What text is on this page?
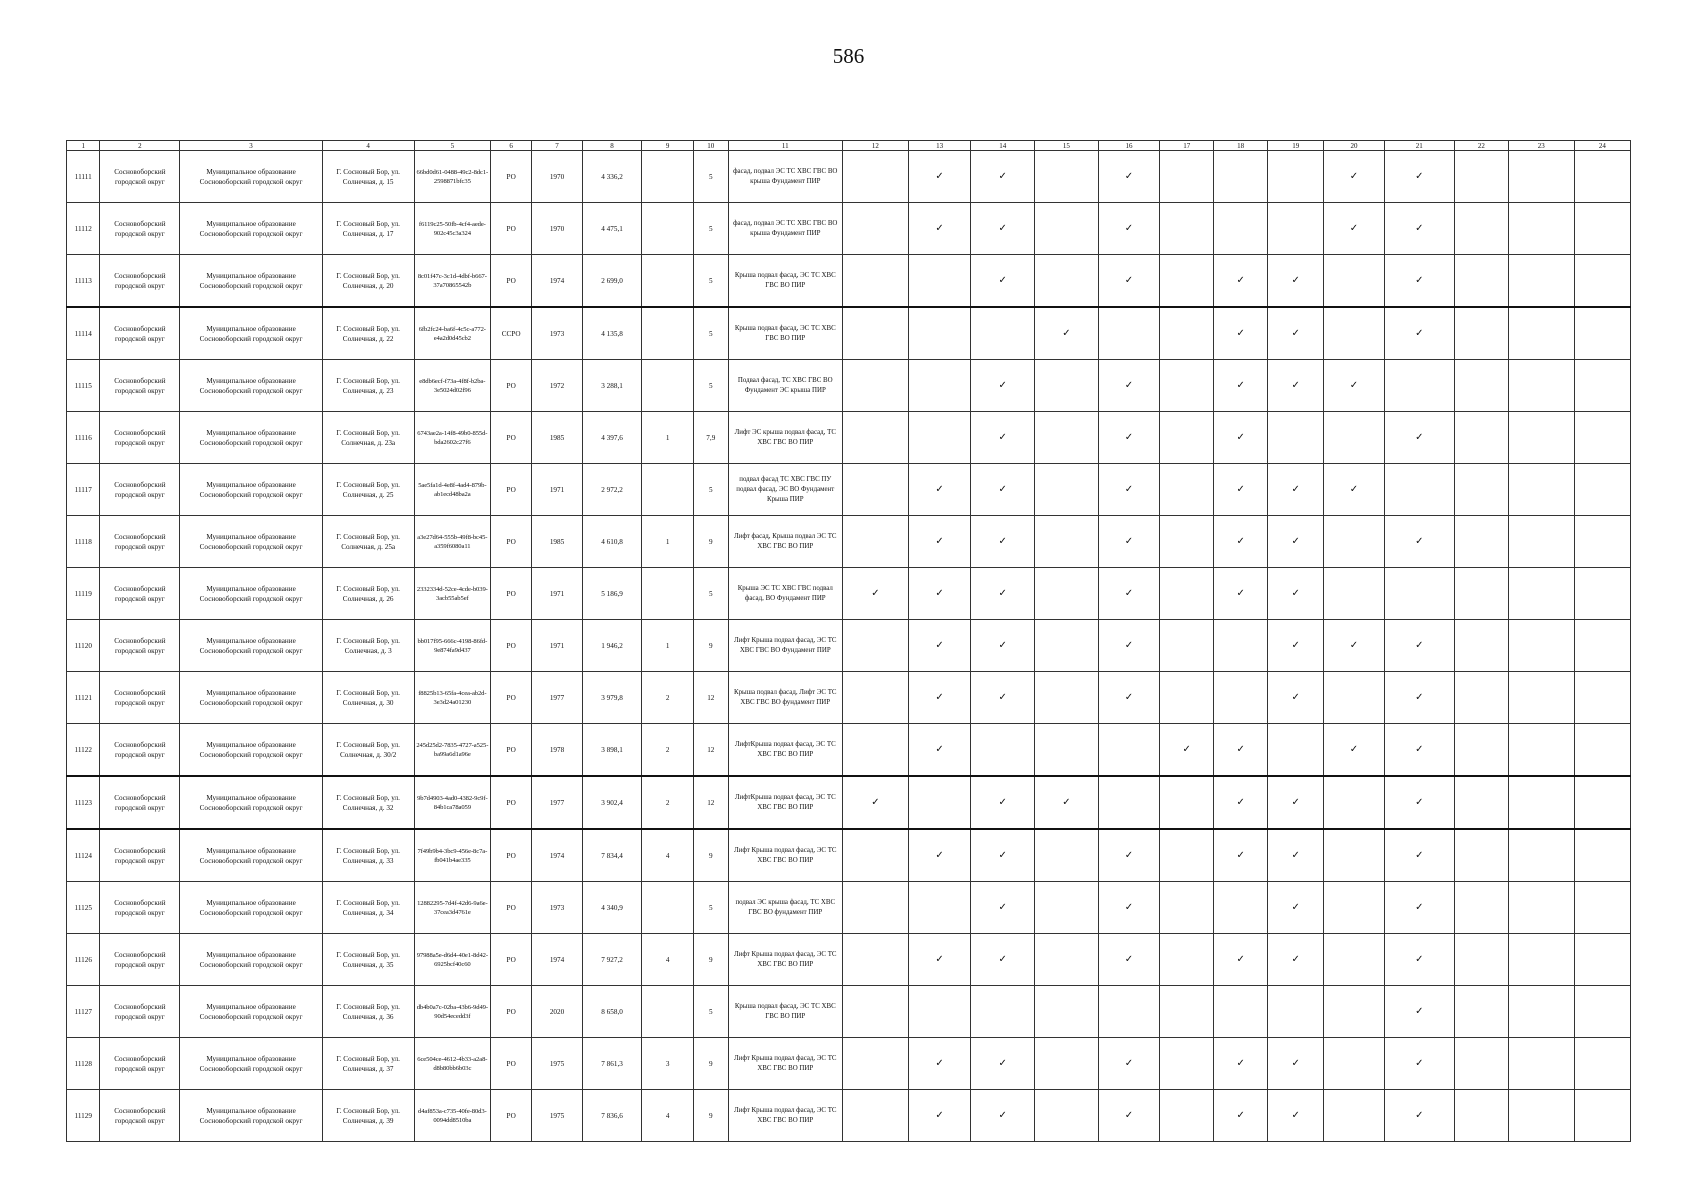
586
1	2	3	4	5	6	7	8	9	10	11	12	13	14	15	16	17	18	19	20	21	22	23	24
11111	Сосновоборский городской округ	Муниципальное образование Сосновоборский городской округ	Г. Сосновый Бор, ул. Солнечная, д. 15	66bd0d61-0488-49c2-8dc1-2598871bfc35	РО	1970	4 336,2		5	фасад, подвал ЭС ТС ХВС ГВС ВО крыша Фундамент ПИР		✓	✓		✓				✓	✓			
11112	Сосновоборский городской округ	Муниципальное образование Сосновоборский городской округ	Г. Сосновый Бор, ул. Солнечная, д. 17	f6119c25-50fb-4cf4-aede-902c45c3a324	РО	1970	4 475,1		5	фасад, подвал ЭС ТС ХВС ГВС ВО крыша Фундамент ПИР		✓	✓		✓				✓	✓			
11113	Сосновоборский городской округ	Муниципальное образование Сосновоборский городской округ	Г. Сосновый Бор, ул. Солнечная, д. 20	8c01f47c-3c1d-4dbf-b667-37a70865542b	РО	1974	2 699,0		5	Крыша подвал фасад, ЭС ТС ХВС ГВС ВО ПИР			✓		✓		✓	✓		✓			
11114	Сосновоборский городской округ	Муниципальное образование Сосновоборский городской округ	Г. Сосновый Бор, ул. Солнечная, д. 22	6fb2fc24-ba6f-4c5c-a772-e4a2d0d45cb2	ССРО	1973	4 135,8		5	Крыша подвал фасад, ЭС ТС ХВС ГВС ВО ПИР				✓			✓	✓		✓			
11115	Сосновоборский городской округ	Муниципальное образование Сосновоборский городской округ	Г. Сосновый Бор, ул. Солнечная, д. 23	e8db6ecf-f73a-4f8f-b2ba-3e5024d02f96	РО	1972	3 288,1		5	Подвал фасад, ТС ХВС ГВС ВО Фундамент ЭС крыша ПИР			✓		✓		✓	✓	✓				
11116	Сосновоборский городской округ	Муниципальное образование Сосновоборский городской округ	Г. Сосновый Бор, ул. Солнечная, д. 23а	6743ae2a-14f8-49b0-855d-bda2602c27f6	РО	1985	4 397,6	1	7,9	Лифт ЭС крыша подвал фасад, ТС ХВС ГВС ВО ПИР			✓		✓		✓			✓			
11117	Сосновоборский городской округ	Муниципальное образование Сосновоборский городской округ	Г. Сосновый Бор, ул. Солнечная, д. 25	5ae5fa1d-4e8f-4ad4-879b-ab1ecd48ba2a	РО	1971	2 972,2		5	подвал фасад ТС ХВС ГВС ПУ подвал фасад, ЭС ВО Фундамент Крыша ПИР		✓	✓		✓		✓	✓	✓				
11118	Сосновоборский городской округ	Муниципальное образование Сосновоборский городской округ	Г. Сосновый Бор, ул. Солнечная, д. 25а	a3e27d64-555b-49f8-bc45-a359f6080a11	РО	1985	4 610,8	1	9	Лифт фасад, Крыша подвал ЭС ТС ХВС ГВС ВО ПИР		✓	✓		✓		✓	✓		✓			
11119	Сосновоборский городской округ	Муниципальное образование Сосновоборский городской округ	Г. Сосновый Бор, ул. Солнечная, д. 26	2332334d-52ce-4cde-b039-3acb55ab5ef	РО	1971	5 186,9		5	Крыша ЭС ТС ХВС ГВС подвал фасад, ВО Фундамент ПИР	✓	✓	✓		✓		✓	✓					
11120	Сосновоборский городской округ	Муниципальное образование Сосновоборский городской округ	Г. Сосновый Бор, ул. Солнечная, д. 3	bb017f95-666c-4198-86fd-9e874fa9d437	РО	1971	1 946,2	1	9	Лифт Крыша подвал фасад, ЭС ТС ХВС ГВС ВО Фундамент ПИР		✓	✓		✓			✓	✓	✓			
11121	Сосновоборский городской округ	Муниципальное образование Сосновоборский городской округ	Г. Сосновый Бор, ул. Солнечная, д. 30	f8825b13-65fa-4cea-ab2d-3e3d24a01230	РО	1977	3 979,8	2	12	Крыша подвал фасад, Лифт ЭС ТС ХВС ГВС ВО фундамент ПИР		✓	✓		✓			✓		✓			
11122	Сосновоборский городской округ	Муниципальное образование Сосновоборский городской округ	Г. Сосновый Бор, ул. Солнечная, д. 30/2	245d25d2-7835-4727-a525-ba99a6d1a96e	РО	1978	3 898,1	2	12	ЛифтКрыша подвал фасад, ЭС ТС ХВС ГВС ВО ПИР		✓				✓	✓		✓	✓			
11123	Сосновоборский городской округ	Муниципальное образование Сосновоборский городской округ	Г. Сосновый Бор, ул. Солнечная, д. 32	9b7d4903-4ad0-4382-9c9f-84b1ca78a059	РО	1977	3 902,4	2	12	ЛифтКрыша подвал фасад, ЭС ТС ХВС ГВС ВО ПИР	✓		✓	✓			✓	✓		✓			
11124	Сосновоборский городской округ	Муниципальное образование Сосновоборский городской округ	Г. Сосновый Бор, ул. Солнечная, д. 33	7f49b9b4-3bc9-456e-8c7a-fb041b4ae335	РО	1974	7 834,4	4	9	Лифт Крыша подвал фасад, ЭС ТС ХВС ГВС ВО ПИР		✓	✓		✓		✓	✓		✓			
11125	Сосновоборский городской округ	Муниципальное образование Сосновоборский городской округ	Г. Сосновый Бор, ул. Солнечная, д. 34	12882295-7d4f-42d6-9a6e-37cea3d4761e	РО	1973	4 340,9		5	подвал ЭС крыша фасад, ТС ХВС ГВС ВО фундамент ПИР			✓		✓			✓		✓			
11126	Сосновоборский городской округ	Муниципальное образование Сосновоборский городской округ	Г. Сосновый Бор, ул. Солнечная, д. 35	97988a5e-d6d4-40e1-8d42-6925bcf40c60	РО	1974	7 927,2	4	9	Лифт Крыша подвал фасад, ЭС ТС ХВС ГВС ВО ПИР		✓	✓		✓		✓	✓		✓			
11127	Сосновоборский городской округ	Муниципальное образование Сосновоборский городской округ	Г. Сосновый Бор, ул. Солнечная, д. 36	db4b0a7c-02ba-43b6-9d49-90d54ecedd3f	РО	2020	8 658,0		5	Крыша подвал фасад, ЭС ТС ХВС ГВС ВО ПИР										✓			
11128	Сосновоборский городской округ	Муниципальное образование Сосновоборский городской округ	Г. Сосновый Бор, ул. Солнечная, д. 37	6ce504ce-4612-4b33-a2a8-d8b80bb6b03c	РО	1975	7 861,3	3	9	Лифт Крыша подвал фасад, ЭС ТС ХВС ГВС ВО ПИР		✓	✓		✓		✓	✓		✓			
11129	Сосновоборский городской округ	Муниципальное образование Сосновоборский городской округ	Г. Сосновый Бор, ул. Солнечная, д. 39	d4af853a-c735-40fe-80d3-0094dd8510ba	РО	1975	7 836,6	4	9	Лифт Крыша подвал фасад, ЭС ТС ХВС ГВС ВО ПИР		✓	✓		✓		✓	✓		✓			
